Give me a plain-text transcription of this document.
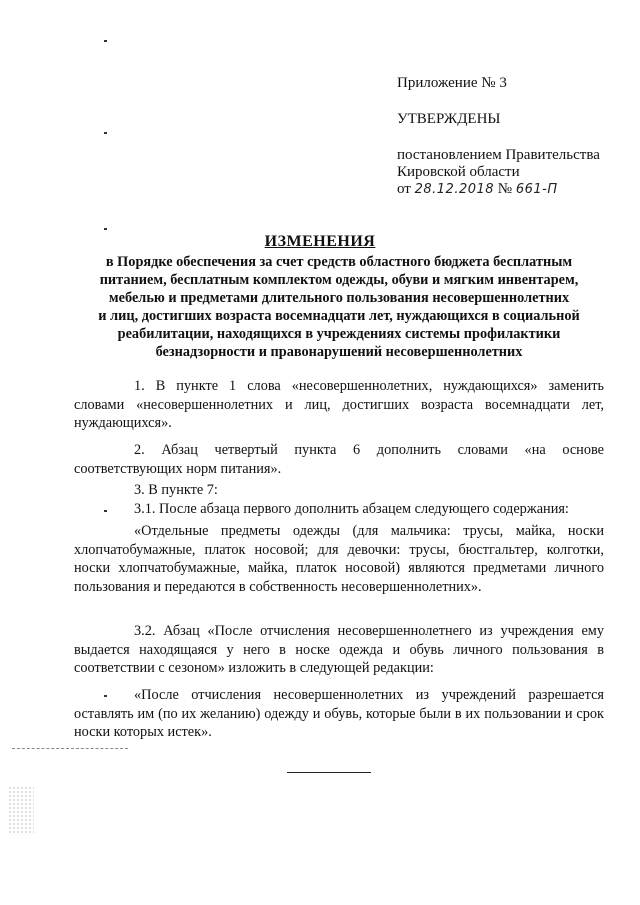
Приложение № 3
УТВЕРЖДЕНЫ
постановлением Правительства
Кировской области
от 28.12.2018 № 661-П
ИЗМЕНЕНИЯ
в Порядке обеспечения за счет средств областного бюджета бесплатным
питанием, бесплатным комплектом одежды, обуви и мягким инвентарем,
мебелью и предметами длительного пользования несовершеннолетних
и лиц, достигших возраста восемнадцати лет, нуждающихся в социальной
реабилитации, находящихся в учреждениях системы профилактики
безнадзорности и правонарушений несовершеннолетних
1. В пункте 1 слова «несовершеннолетних, нуждающихся» заменить словами «несовершеннолетних и лиц, достигших возраста восемнадцати лет, нуждающихся».
2. Абзац четвертый пункта 6 дополнить словами «на основе соответствующих норм питания».
3. В пункте 7:
3.1. После абзаца первого дополнить абзацем следующего содержания:
«Отдельные предметы одежды (для мальчика: трусы, майка, носки хлопчатобумажные, платок носовой; для девочки: трусы, бюстгальтер, колготки, носки хлопчатобумажные, майка, платок носовой) являются предметами личного пользования и передаются в собственность несовершеннолетних».
3.2. Абзац «После отчисления несовершеннолетнего из учреждения ему выдается находящаяся у него в носке одежда и обувь личного пользования в соответствии с сезоном» изложить в следующей редакции:
«После отчисления несовершеннолетних из учреждений разрешается оставлять им (по их желанию) одежду и обувь, которые были в их пользовании и срок носки которых истек».
